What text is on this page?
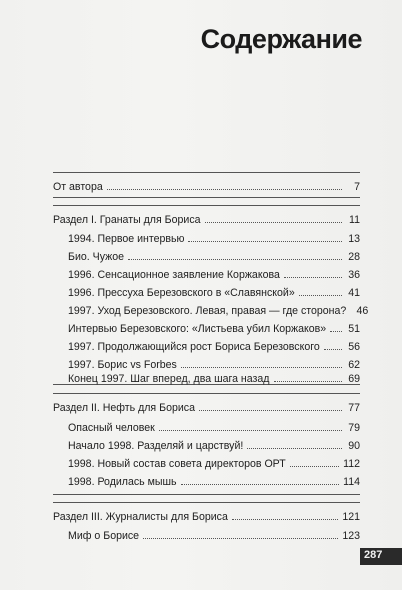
Содержание
От автора	7
Раздел I. Гранаты для Бориса	11
1994. Первое интервью	13
Био. Чужое	28
1996. Сенсационное заявление Коржакова	36
1996. Прессуха Березовского в «Славянской»	41
1997. Уход Березовского. Левая, правая — где сторона? 46
Интервью Березовского: «Листьева убил Коржаков» 51
1997. Продолжающийся рост Бориса Березовского	56
1997. Борис vs Forbes	62
Конец 1997. Шаг вперед, два шага назад	69
Раздел II. Нефть для Бориса	77
Опасный человек	79
Начало 1998. Разделяй и царствуй!	90
1998. Новый состав совета директоров ОРТ	112
1998. Родилась мышь	114
Раздел III. Журналисты для Бориса	121
Миф о Борисе	123
287
